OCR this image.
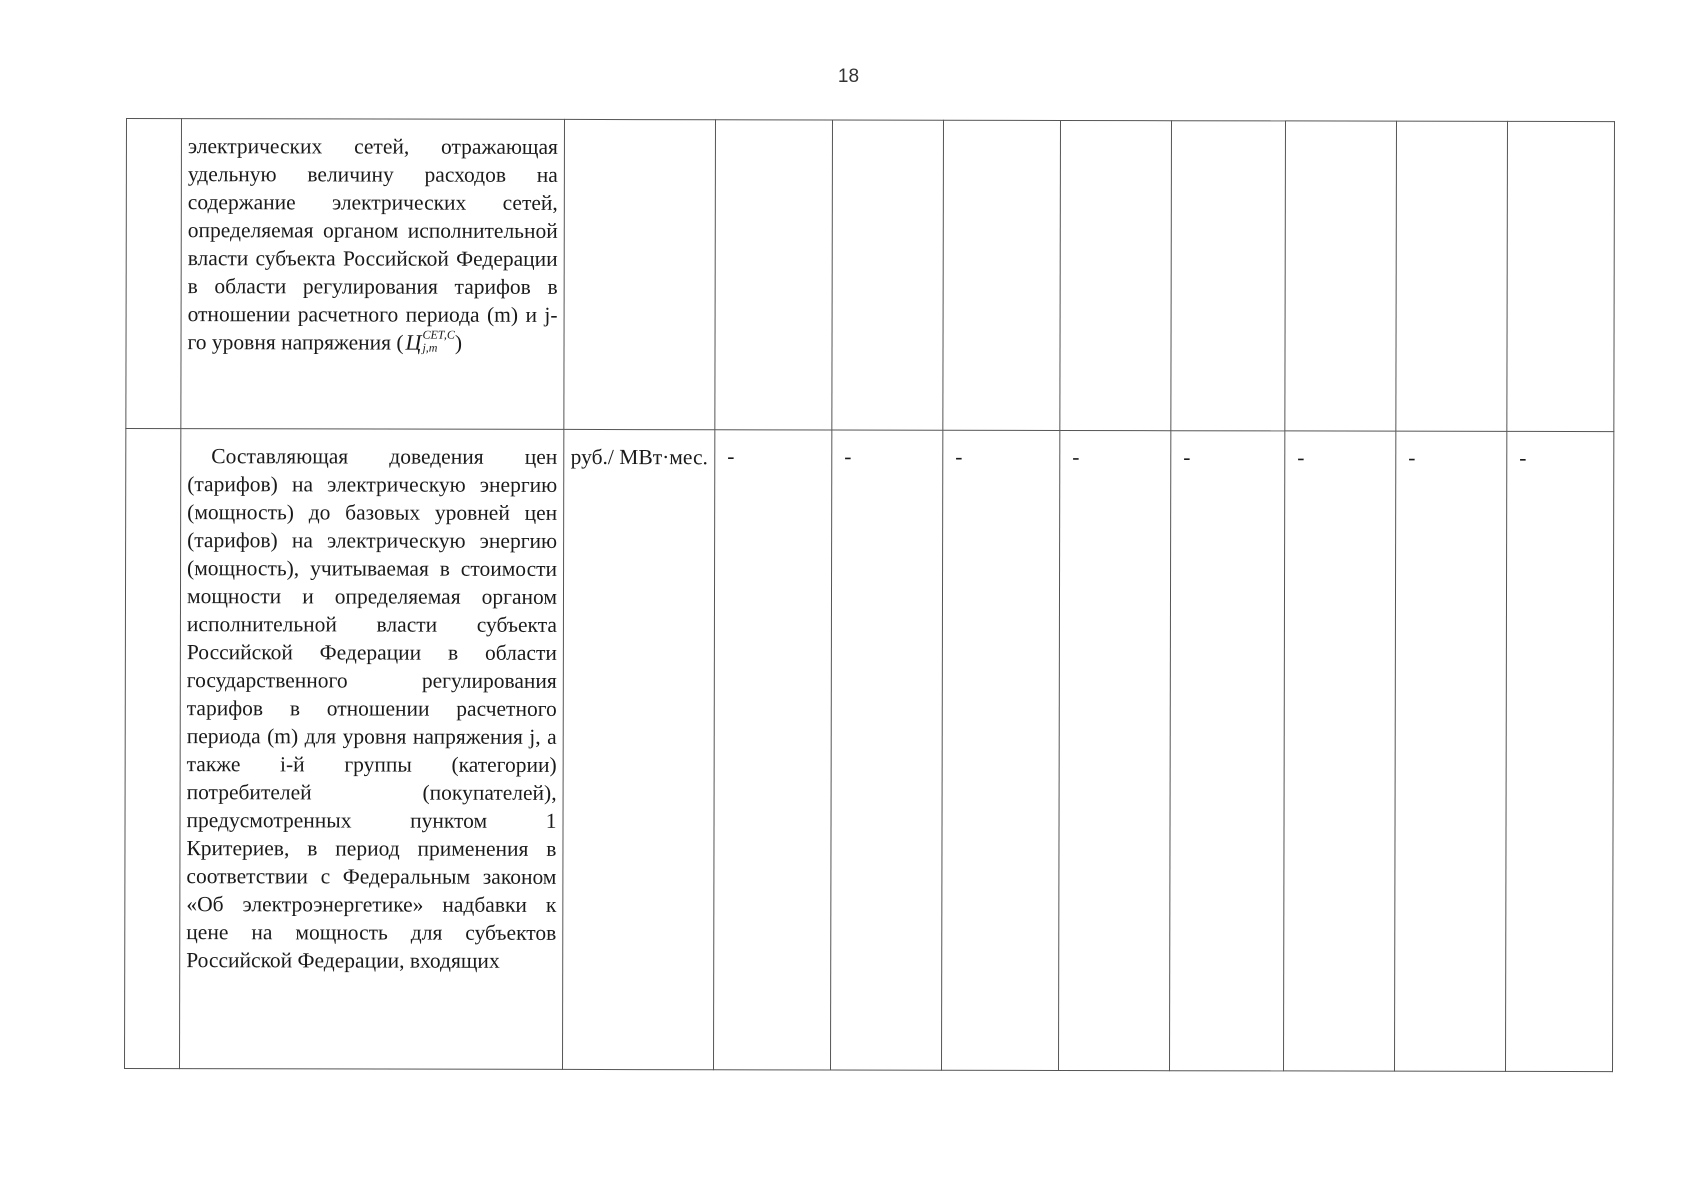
18

	электрических сетей, отражающая удельную величину расходов на содержание электрических сетей, определяемая органом исполнительной власти субъекта Российской Федерации в области регулирования тарифов в отношении расчетного периода (m) и j-го уровня напряжения (Ц СЕТ,С
j,m )									

	Составляющая доведения цен (тарифов) на электрическую энергию (мощность) до базовых уровней цен (тарифов) на электрическую энергию (мощность), учитываемая в стоимости мощности и определяемая органом исполнительной власти субъекта Российской Федерации в области государственного регулирования тарифов в отношении расчетного периода (m) для уровня напряжения j, а также i-й группы (категории) потребителей (покупателей), предусмотренных пунктом 1 Критериев, в период применения в соответствии с Федеральным законом «Об электроэнергетике» надбавки к цене на мощность для субъектов Российской Федерации, входящих	руб./ МВт·мес.	-	-	-	-	-	-	-	-
